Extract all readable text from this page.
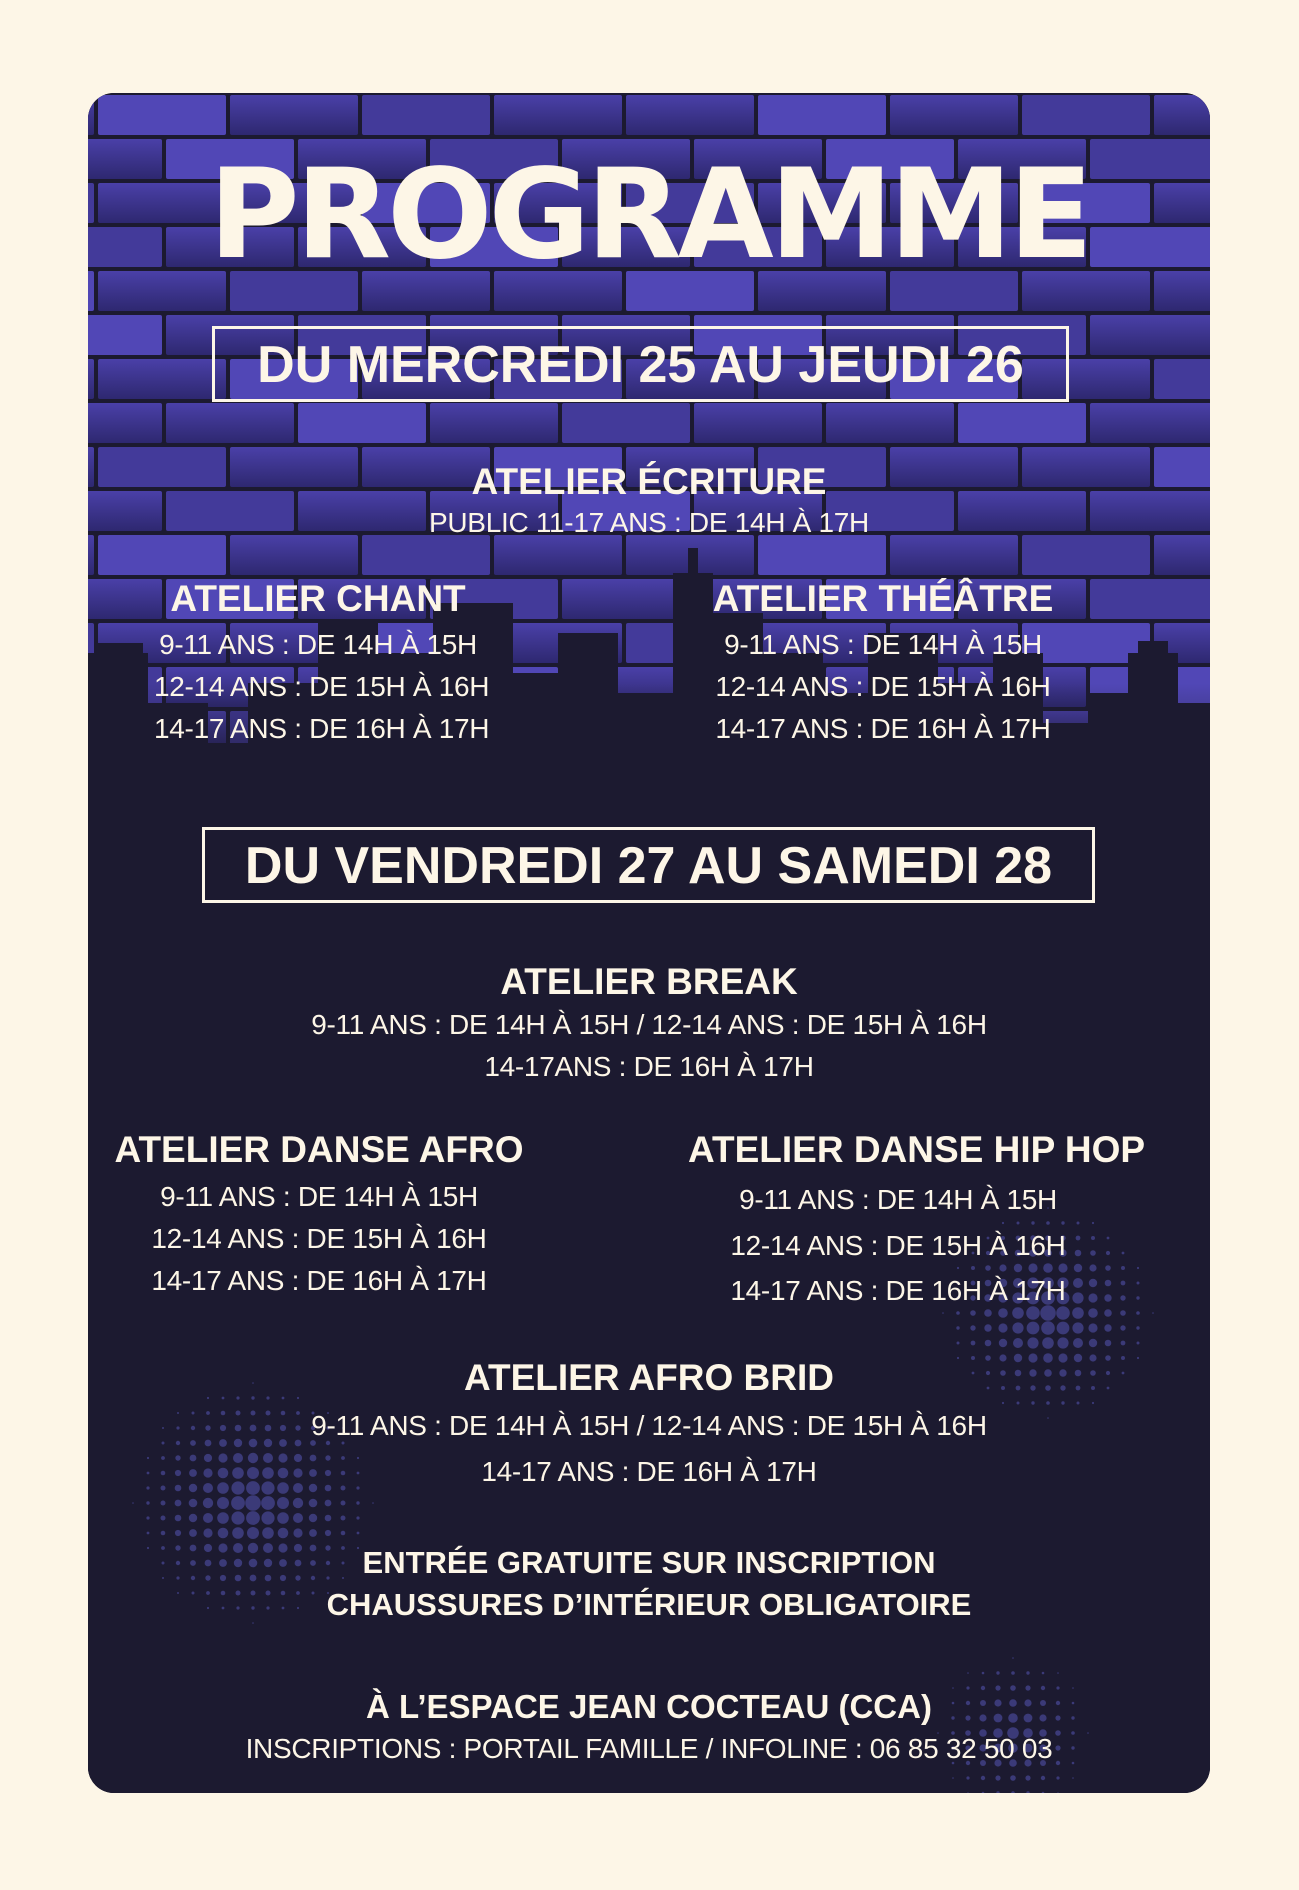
PROGRAMME
DU MERCREDI 25 AU JEUDI 26
ATELIER ÉCRITURE
PUBLIC 11-17 ANS : DE 14H À 17H
ATELIER CHANT
9-11 ANS : DE 14H À 15H
12-14 ANS : DE 15H À 16H
14-17 ANS : DE 16H À 17H
ATELIER THÉÂTRE
9-11 ANS : DE 14H À 15H
12-14 ANS : DE 15H À 16H
14-17 ANS : DE 16H À 17H
DU VENDREDI 27 AU SAMEDI 28
ATELIER BREAK
9-11 ANS : DE 14H À 15H / 12-14 ANS : DE 15H À 16H
14-17ANS : DE 16H À 17H
ATELIER DANSE AFRO
9-11 ANS : DE 14H À 15H
12-14 ANS : DE 15H À 16H
14-17 ANS : DE 16H À 17H
ATELIER DANSE HIP HOP
9-11 ANS : DE 14H À 15H
12-14 ANS : DE 15H À 16H
14-17 ANS : DE 16H À 17H
ATELIER AFRO BRID
9-11 ANS : DE 14H À 15H / 12-14 ANS : DE 15H À 16H
14-17 ANS : DE 16H À 17H
ENTRÉE GRATUITE SUR INSCRIPTION
CHAUSSURES D’INTÉRIEUR OBLIGATOIRE
À L’ESPACE JEAN COCTEAU (CCA)
INSCRIPTIONS : PORTAIL FAMILLE / INFOLINE : 06 85 32 50 03
